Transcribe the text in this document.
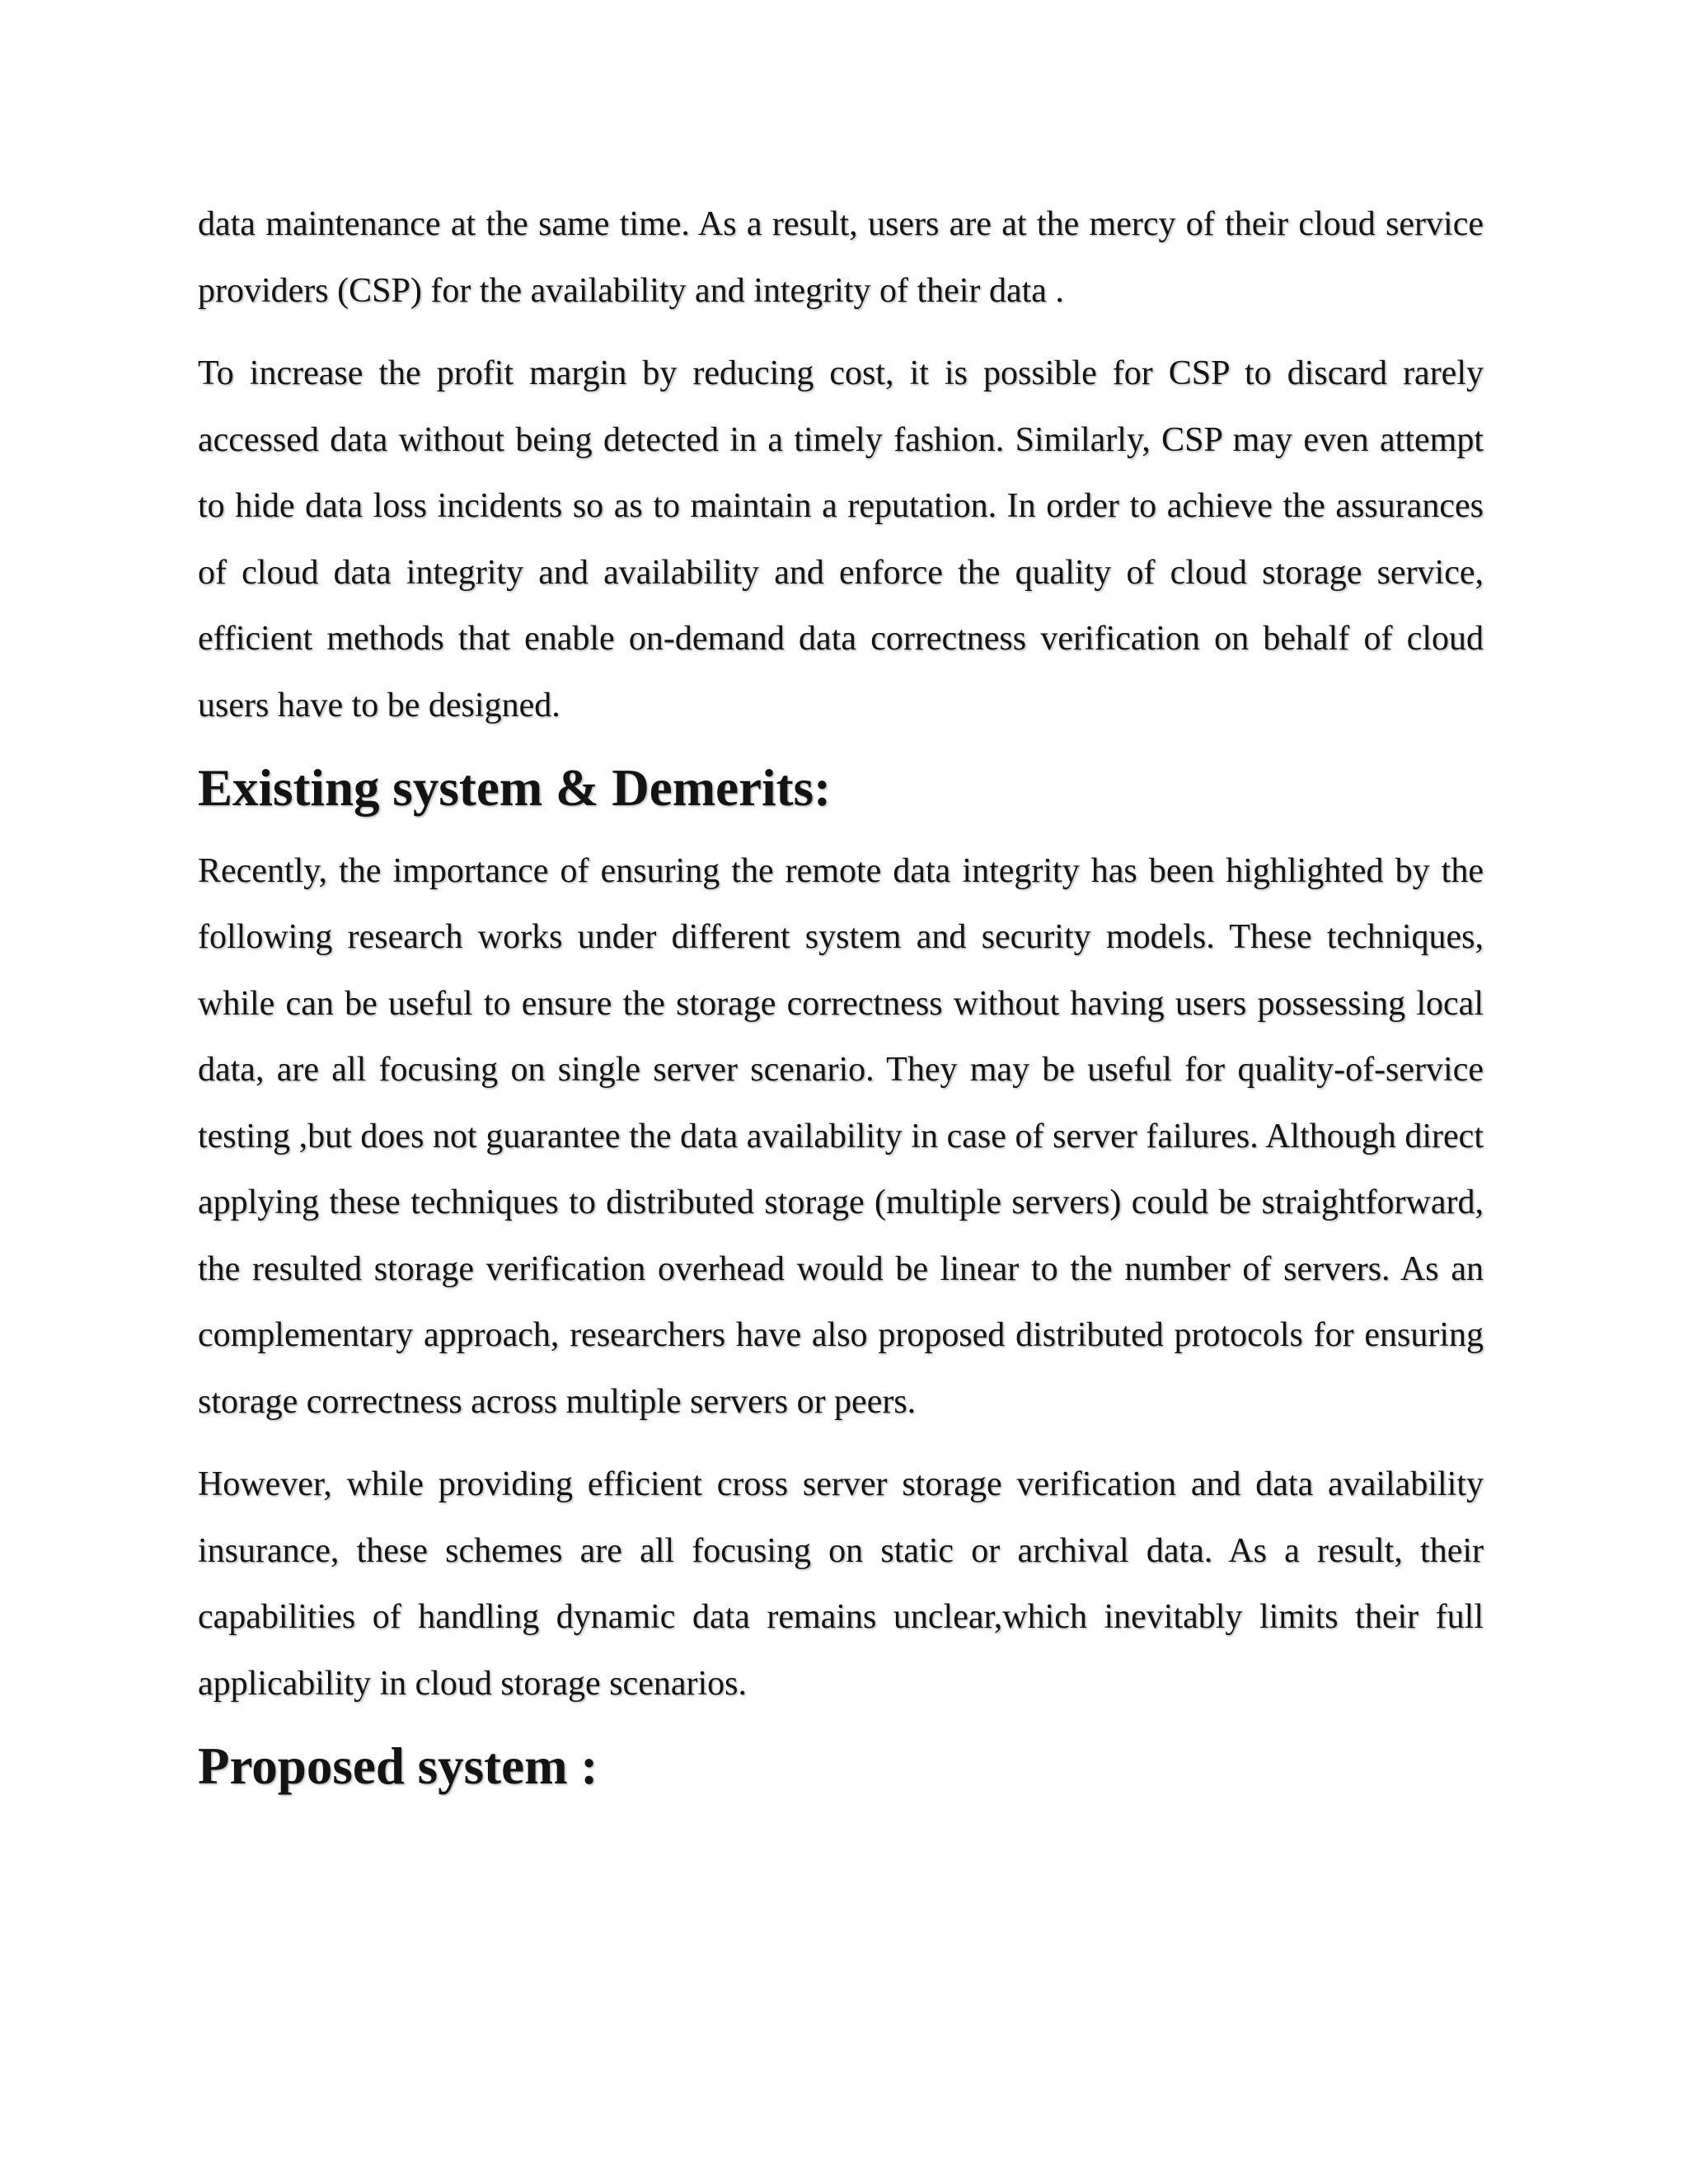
data maintenance at the same time. As a result, users are at the mercy of their cloud service providers (CSP) for the availability and integrity of their data .

To increase the profit margin by reducing cost, it is possible for CSP to discard rarely accessed data without being detected in a timely fashion. Similarly, CSP may even attempt to hide data loss incidents so as to maintain a reputation. In order to achieve the assurances of cloud data integrity and availability and enforce the quality of cloud storage service, efficient methods that enable on-demand data correctness verification on behalf of cloud users have to be designed.

Existing system & Demerits:

Recently, the importance of ensuring the remote data integrity has been highlighted by the following research works under different system and security models. These techniques, while can be useful to ensure the storage correctness without having users possessing local data, are all focusing on single server scenario. They may be useful for quality-of-service testing ,but does not guarantee the data availability in case of server failures. Although direct applying these techniques to distributed storage (multiple servers) could be straightforward, the resulted storage verification overhead would be linear to the number of servers. As an complementary approach, researchers have also proposed distributed protocols for ensuring storage correctness across multiple servers or peers.

However, while providing efficient cross server storage verification and data availability insurance, these schemes are all focusing on static or archival data. As a result, their capabilities of handling dynamic data remains unclear,which inevitably limits their full applicability in cloud storage scenarios.

Proposed system :
